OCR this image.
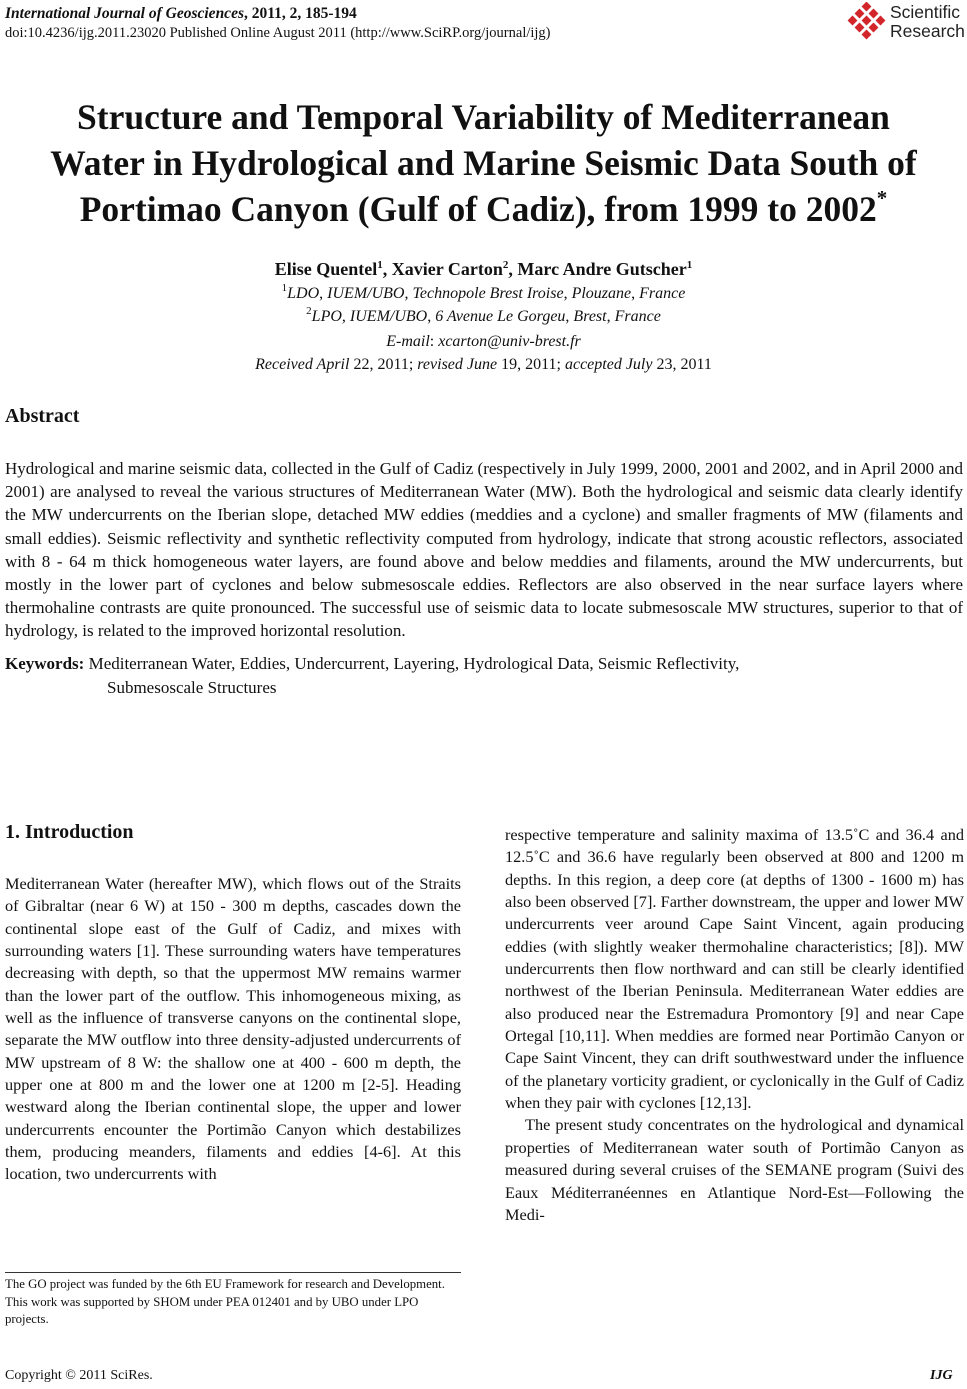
International Journal of Geosciences, 2011, 2, 185-194
doi:10.4236/ijg.2011.23020 Published Online August 2011 (http://www.SciRP.org/journal/ijg)
Scientific
Research
Structure and Temporal Variability of Mediterranean
Water in Hydrological and Marine Seismic Data South of
Portimao Canyon (Gulf of Cadiz), from 1999 to 2002*
Elise Quentel$^1$, Xavier Carton$^2$, Marc Andre Gutscher$^1$
$^1$LDO, IUEM/UBO, Technopole Brest Iroise, Plouzane, France
$^2$LPO, IUEM/UBO, 6 Avenue Le Gorgeu, Brest, France
E-mail: xcarton@univ-brest.fr
Received April 22, 2011; revised June 19, 2011; accepted July 23, 2011
Abstract
Hydrological and marine seismic data, collected in the Gulf of Cadiz (respectively in July 1999, 2000, 2001 and 2002, and in April 2000 and 2001) are analysed to reveal the various structures of Mediterranean Water (MW). Both the hydrological and seismic data clearly identify the MW undercurrents on the Iberian slope, detached MW eddies (meddies and a cyclone) and smaller fragments of MW (filaments and small eddies). Seismic reflectivity and synthetic reflectivity computed from hydrology, indicate that strong acoustic reflectors, associated with 8 - 64 m thick homogeneous water layers, are found above and below meddies and filaments, around the MW undercurrents, but mostly in the lower part of cyclones and below submesoscale eddies. Reflectors are also observed in the near surface layers where thermohaline contrasts are quite pronounced. The successful use of seismic data to locate submesoscale MW structures, superior to that of hydrology, is related to the improved horizontal resolution.
Keywords: Mediterranean Water, Eddies, Undercurrent, Layering, Hydrological Data, Seismic Reflectivity,
Submesoscale Structures
1. Introduction

Mediterranean Water (hereafter MW), which flows out of the Straits of Gibraltar (near 6 W) at 150 - 300 m depths, cascades down the continental slope east of the Gulf of Cadiz, and mixes with surrounding waters [1]. These surrounding waters have temperatures decreasing with depth, so that the uppermost MW remains warmer than the lower part of the outflow. This inhomogeneous mixing, as well as the influence of transverse canyons on the continental slope, separate the MW outflow into three density-adjusted undercurrents of MW upstream of 8 W: the shallow one at 400 - 600 m depth, the upper one at 800 m and the lower one at 1200 m [2-5]. Heading westward along the Iberian continental slope, the upper and lower undercurrents encounter the Portimão Canyon which destabilizes them, producing meanders, filaments and eddies [4-6]. At this location, two undercurrents with

respective temperature and salinity maxima of 13.5˚C and 36.4 and 12.5˚C and 36.6 have regularly been observed at 800 and 1200 m depths. In this region, a deep core (at depths of 1300 - 1600 m) has also been observed [7]. Farther downstream, the upper and lower MW undercurrents veer around Cape Saint Vincent, again producing eddies (with slightly weaker thermohaline characteristics; [8]). MW undercurrents then flow northward and can still be clearly identified northwest of the Iberian Peninsula. Mediterranean Water eddies are also produced near the Estremadura Promontory [9] and near Cape Ortegal [10,11]. When meddies are formed near Portimão Canyon or Cape Saint Vincent, they can drift southwestward under the influence of the planetary vorticity gradient, or cyclonically in the Gulf of Cadiz when they pair with cyclones [12,13].

The present study concentrates on the hydrological and dynamical properties of Mediterranean water south of Portimão Canyon as measured during several cruises of the SEMANE program (Suivi des Eaux Méditerranéennes en Atlantique Nord-Est—Following the Medi-

The GO project was funded by the 6th EU Framework for research and Development. This work was supported by SHOM under PEA 012401 and by UBO under LPO projects.
Copyright © 2011 SciRes.	IJG
